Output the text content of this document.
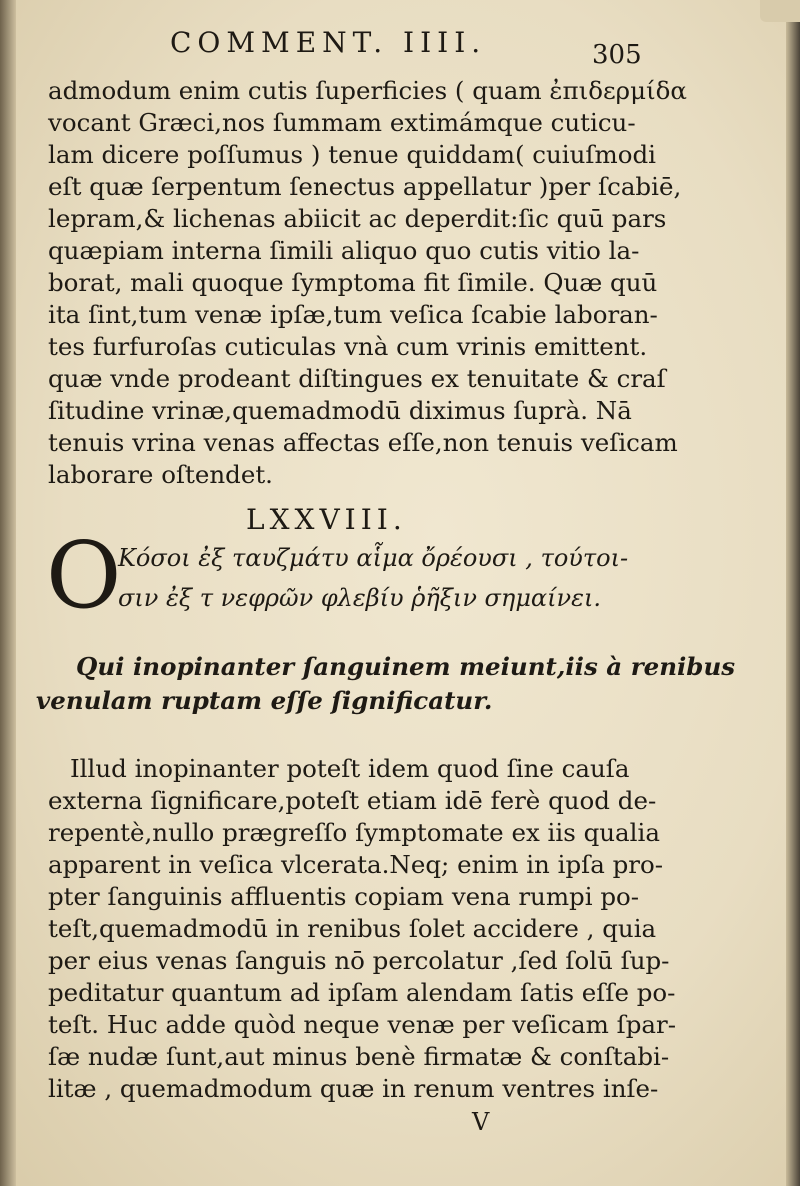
COMMENT. IIII.	305
admodum enim cutis ſuperficies ( quam ἐπιδερμίδα
vocant Græci,nos ſummam extimámque cuticu-
lam dicere poſſumus ) tenue quiddam( cuiuſmodi
eſt quæ ſerpentum ſenectus appellatur )per ſcabiē,
lepram,& lichenas abiicit ac deperdit:ſic quū pars
quæpiam interna ſimili aliquo quo cutis vitio la-
borat, mali quoque ſymptoma fit ſimile. Quæ quū
ita ſint,tum venæ ipſæ,tum veſica ſcabie laboran-
tes furfuroſas cuticulas vnà cum vrinis emittent.
quæ vnde prodeant diſtingues ex tenuitate & craſ
ſitudine vrinæ,quemadmodū diximus ſuprà. Nā
tenuis vrina venas affectas eſſe,non tenuis veſicam
laborare oſtendet.
LXXVIII.
O
Κόσοι ἐξ ταυζμάτυ αἷμα ὄρέουσι , τούτοι-
σιν ἐξ τ νεφρῶν φλεβίυ ῥῆξιν σημαίνει.
Qui inopinanter ſanguinem meiunt,iis à renibus
venulam ruptam eſſe ſignificatur.
Illud inopinanter poteſt idem quod ſine cauſa
externa ſignificare,poteſt etiam idē ferè quod de-
repentè,nullo prægreſſo ſymptomate ex iis qualia
apparent in veſica vlcerata.Neq; enim in ipſa pro-
pter ſanguinis affluentis copiam vena rumpi po-
teſt,quemadmodū in renibus ſolet accidere , quia
per eius venas ſanguis nō percolatur ,ſed ſolū ſup-
peditatur quantum ad ipſam alendam ſatis eſſe po-
teſt. Huc adde quòd neque venæ per veſicam ſpar-
ſæ nudæ ſunt,aut minus benè firmatæ & conſtabi-
litæ , quemadmodum quæ in renum ventres inſe-
V
